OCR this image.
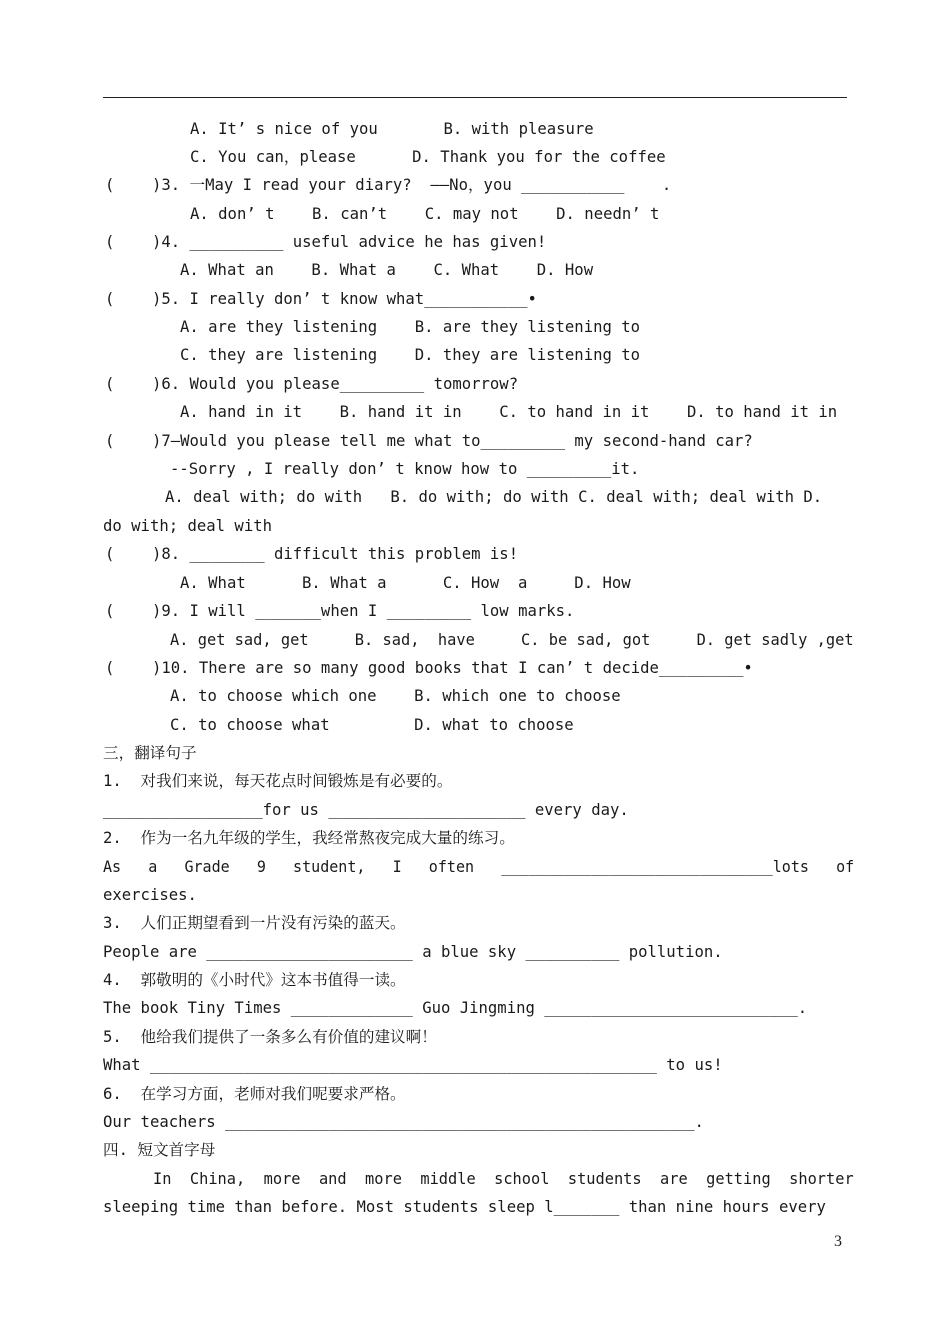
A. It’ s nice of you       B. with pleasure
C. You can，please      D. Thank you for the coffee
(    )3. 一May I read your diary?  ——No，you ___________    .
A. don’ t    B. can’t    C. may not    D. needn’ t
(    )4. __________ useful advice he has given!
A. What an    B. What a    C. What    D. How
(    )5. I really don’ t know what___________•
A. are they listening    B. are they listening to
C. they are listening    D. they are listening to
(    )6. Would you please_________ tomorrow?
A. hand in it    B. hand it in    C. to hand in it    D. to hand it in
(    )7—Would you please tell me what to_________ my second-hand car?
--Sorry , I really don’ t know how to _________it.
A. deal with; do with   B. do with; do with C. deal with; deal with D.
do with; deal with
(    )8. ________ difficult this problem is!
A. What      B. What a      C. How  a     D. How
(    )9. I will _______when I _________ low marks.
A. get sad, get     B. sad,  have     C. be sad, got     D. get sadly ,get
(    )10. There are so many good books that I can’ t decide_________•
A. to choose which one    B. which one to choose
C. to choose what         D. what to choose
三，翻译句子
1.  对我们来说，每天花点时间锻炼是有必要的。
_________________for us _____________________ every day.
2.  作为一名九年级的学生，我经常熬夜完成大量的练习。
As   a   Grade   9   student,   I   often   ______________________________lots   of
exercises.
3.  人们正期望看到一片没有污染的蓝天。
People are ______________________ a blue sky __________ pollution.
4.  郭敬明的《小时代》这本书值得一读。
The book Tiny Times _____________ Guo Jingming ___________________________.
5.  他给我们提供了一条多么有价值的建议啊！
What ______________________________________________________ to us!
6.  在学习方面，老师对我们呢要求严格。
Our teachers __________________________________________________.
四. 短文首字母
In  China,  more  and  more  middle  school  students  are  getting  shorter
sleeping time than before. Most students sleep l_______ than nine hours every
3
